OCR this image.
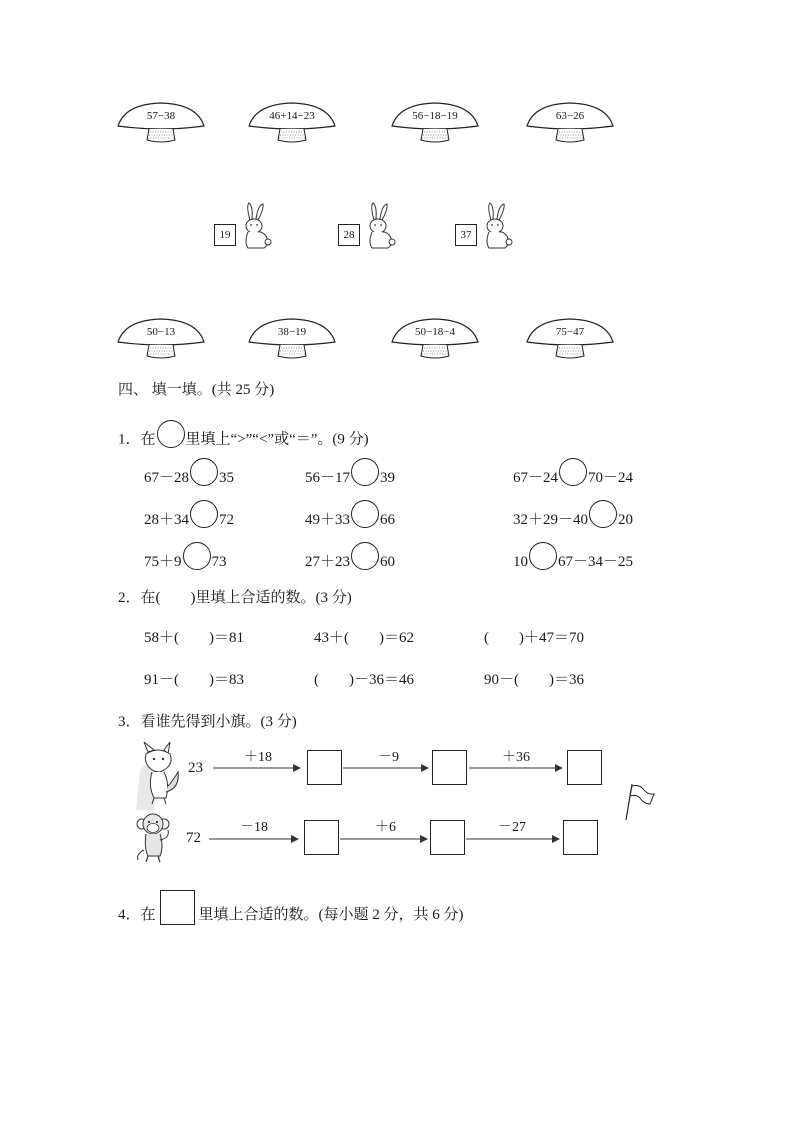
57−38	46+14−23	56−18−19	63−26
19	28	37
50−13	38−19	50−18−4	75−47
四、 填一填。(共 25 分)
1．在 里填上“>”“<”或“＝”。(9 分)
67－28 35	56－17 39	67－24 70－24
28＋34 72	49＋33 66	32＋29－40 20
75＋9 73	27＋23 60	10 67－34－25
2．在(　　)里填上合适的数。(3 分)
58＋(　　)＝81	43＋(　　)＝62	(　　)＋47＝70
91－(　　)＝83	(　　)－36＝46	90－(　　)＝36
3．看谁先得到小旗。(3 分)
23
＋18	－9	＋36
72
－18	＋6	－27
4．在	里填上合适的数。(每小题 2 分，共 6 分)
